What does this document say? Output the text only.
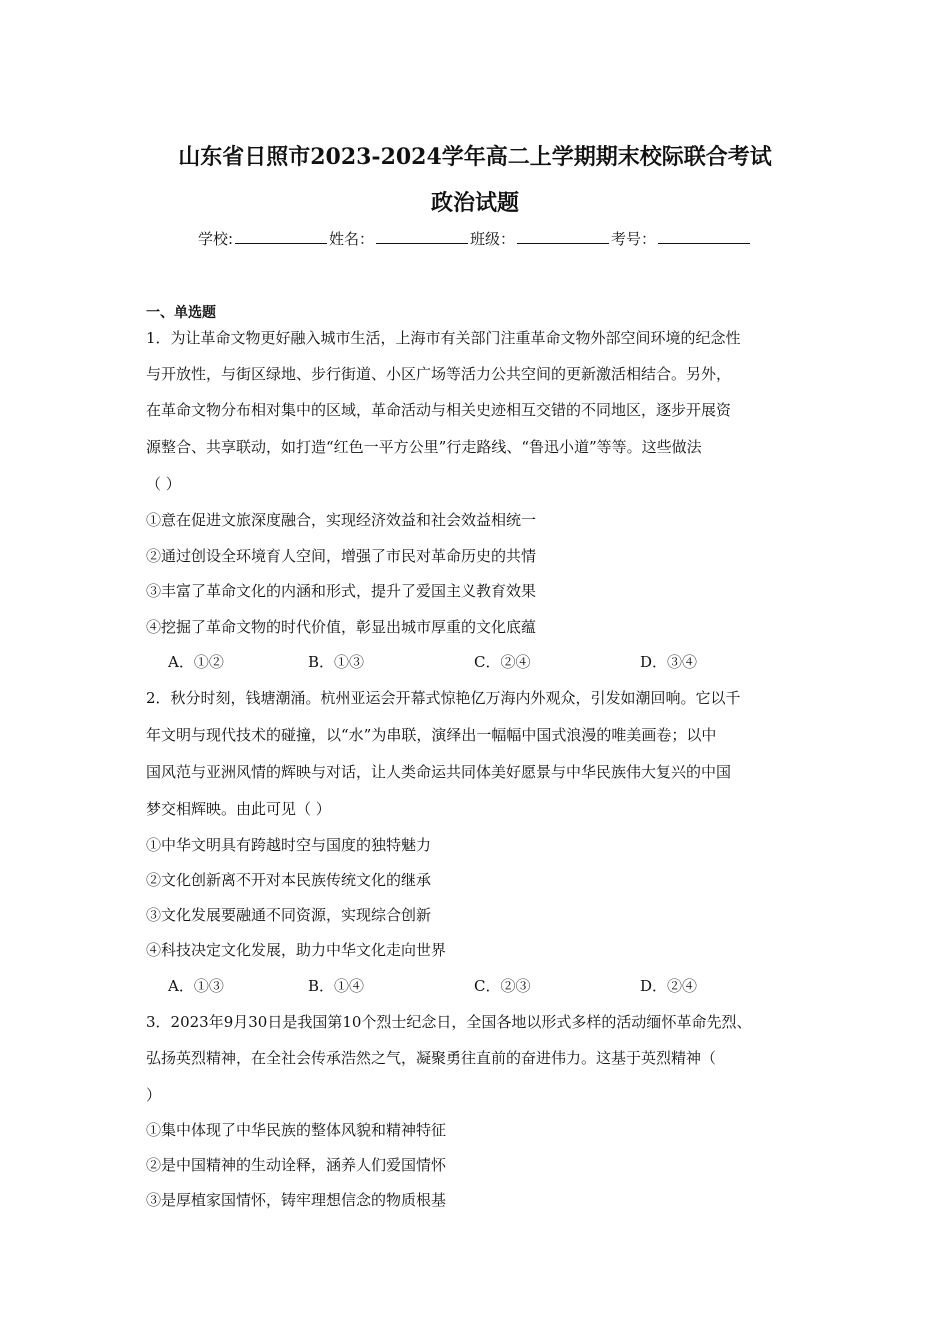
山东省日照市2023-2024学年高二上学期期末校际联合考试
政治试题
学校:	姓名：	班级：	考号：
一、单选题
1．为让革命文物更好融入城市生活，上海市有关部门注重革命文物外部空间环境的纪念性
与开放性，与街区绿地、步行街道、小区广场等活力公共空间的更新激活相结合。另外，
在革命文物分布相对集中的区域，革命活动与相关史迹相互交错的不同地区，逐步开展资
源整合、共享联动，如打造“红色一平方公里”行走路线、“鲁迅小道”等等。这些做法
（ ）
①意在促进文旅深度融合，实现经济效益和社会效益相统一
②通过创设全环境育人空间，增强了市民对革命历史的共情
③丰富了革命文化的内涵和形式，提升了爱国主义教育效果
④挖掘了革命文物的时代价值，彰显出城市厚重的文化底蕴
A．①②	B．①③	C．②④	D．③④
2．秋分时刻，钱塘潮涌。杭州亚运会开幕式惊艳亿万海内外观众，引发如潮回响。它以千
年文明与现代技术的碰撞，以“水”为串联，演绎出一幅幅中国式浪漫的唯美画卷；以中
国风范与亚洲风情的辉映与对话，让人类命运共同体美好愿景与中华民族伟大复兴的中国
梦交相辉映。由此可见（ ）
①中华文明具有跨越时空与国度的独特魅力
②文化创新离不开对本民族传统文化的继承
③文化发展要融通不同资源，实现综合创新
④科技决定文化发展，助力中华文化走向世界
A．①③	B．①④	C．②③	D．②④
3．2023年9月30日是我国第10个烈士纪念日，全国各地以形式多样的活动缅怀革命先烈、
弘扬英烈精神，在全社会传承浩然之气，凝聚勇往直前的奋进伟力。这基于英烈精神（
）
①集中体现了中华民族的整体风貌和精神特征
②是中国精神的生动诠释，涵养人们爱国情怀
③是厚植家国情怀，铸牢理想信念的物质根基
